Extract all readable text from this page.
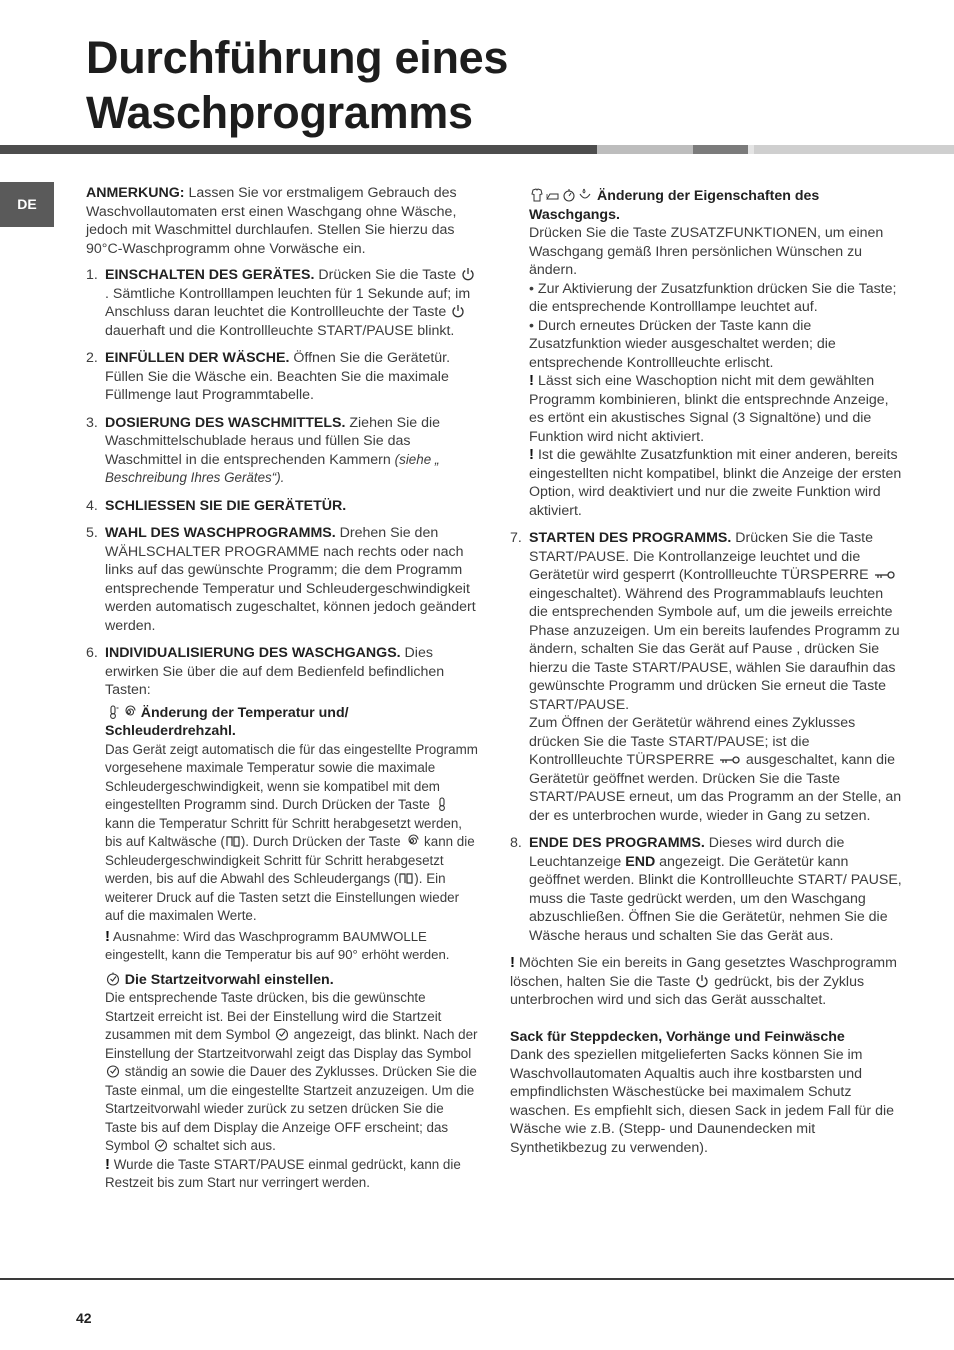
Durchführung eines
Waschprogramms
DE

ANMERKUNG: Lassen Sie vor erstmaligem Gebrauch des Waschvollautomaten erst einen Waschgang ohne Wäsche, jedoch mit Waschmittel durchlaufen. Stellen Sie hierzu das 90°C-Waschprogramm ohne Vorwäsche ein.

1. EINSCHALTEN DES GERÄTES. Drücken Sie die Taste
. Sämtliche Kontrolllampen leuchten für 1 Sekunde auf; im Anschluss daran leuchtet die Kontrollleuchte der Taste
dauerhaft und die Kontrollleuchte START/PAUSE blinkt.
2. EINFÜLLEN DER WÄSCHE. Öffnen Sie die Gerätetür. Füllen Sie die Wäsche ein. Beachten Sie die maximale Füllmenge laut Programmtabelle.
3. DOSIERUNG DES WASCHMITTELS. Ziehen Sie die Waschmittelschublade heraus und füllen Sie das Waschmittel in die entsprechenden Kammern (siehe „ Beschreibung Ihres Gerätes“).
4. SCHLIESSEN SIE DIE GERÄTETÜR.
5. WAHL DES WASCHPROGRAMMS. Drehen Sie den WÄHLSCHALTER PROGRAMME nach rechts oder nach links auf das gewünschte Programm; die dem Programm entsprechende Temperatur und Schleudergeschwindigkeit werden automatisch zugeschaltet, können jedoch geändert werden.
6. INDIVIDUALISIERUNG DES WASCHGANGS. Dies erwirken Sie über die auf dem Bedienfeld befindlichen Tasten:

Änderung der Temperatur und/ Schleuderdrehzahl.
Das Gerät zeigt automatisch die für das eingestellte Programm vorgesehene maximale Temperatur sowie die maximale Schleudergeschwindigkeit, wenn sie kompatibel mit dem eingestellten Programm sind. Durch Drücken der Taste
kann die Temperatur Schritt für Schritt herabgesetzt werden, bis auf Kaltwäsche ( ). Durch Drücken der Taste
kann die Schleudergeschwindigkeit Schritt für Schritt herabgesetzt werden, bis auf die Abwahl des Schleudergangs ( ). Ein weiterer Druck auf die Tasten setzt die Einstellungen wieder auf die maximalen Werte.

! Ausnahme: Wird das Waschprogramm BAUMWOLLE eingestellt, kann die Temperatur bis auf 90° erhöht werden.

Die Startzeitvorwahl einstellen.
Die entsprechende Taste drücken, bis die gewünschte Startzeit erreicht ist. Bei der Einstellung wird die Startzeit zusammen mit dem Symbol
angezeigt, das blinkt. Nach der Einstellung der Startzeitvorwahl zeigt das Display das Symbol
ständig an sowie die Dauer des Zyklusses. Drücken Sie die Taste einmal, um die eingestellte Startzeit anzuzeigen. Um die Startzeitvorwahl wieder zurück zu setzen drücken Sie die Taste bis auf dem Display die Anzeige OFF erscheint; das Symbol
schaltet sich aus.
! Wurde die Taste START/PAUSE einmal gedrückt, kann die Restzeit bis zum Start nur verringert werden.

Änderung der Eigenschaften des Waschgangs.

Drücken Sie die Taste ZUSATZFUNKTIONEN, um einen Waschgang gemäß Ihren persönlichen Wünschen zu ändern.

• Zur Aktivierung der Zusatzfunktion drücken Sie die Taste; die entsprechende Kontrolllampe leuchtet auf.

• Durch erneutes Drücken der Taste kann die Zusatzfunktion wieder ausgeschaltet werden; die entsprechende Kontrollleuchte erlischt.

! Lässt sich eine Waschoption nicht mit dem gewählten Programm kombinieren, blinkt die entsprechnde Anzeige, es ertönt ein akustisches Signal (3 Signaltöne) und die Funktion wird nicht aktiviert.

! Ist die gewählte Zusatzfunktion mit einer anderen, bereits eingestellten nicht kompatibel, blinkt die Anzeige der ersten Option, wird deaktiviert und nur die zweite Funktion wird aktiviert.

7. STARTEN DES PROGRAMMS. Drücken Sie die Taste START/PAUSE. Die Kontrollanzeige leuchtet und die Gerätetür wird gesperrt (Kontrollleuchte TÜRSPERRE
eingeschaltet). Während des Programmablaufs leuchten die entsprechenden Symbole auf, um die jeweils erreichte Phase anzuzeigen. Um ein bereits laufendes Programm zu ändern, schalten Sie das Gerät auf Pause , drücken Sie hierzu die Taste START/PAUSE, wählen Sie daraufhin das gewünschte Programm und drücken Sie erneut die Taste START/PAUSE.
Zum Öffnen der Gerätetür während eines Zyklusses drücken Sie die Taste START/PAUSE; ist die Kontrollleuchte TÜRSPERRE
ausgeschaltet, kann die Gerätetür geöffnet werden. Drücken Sie die Taste START/PAUSE erneut, um das Programm an der Stelle, an der es unterbrochen wurde, wieder in Gang zu setzen.
8. ENDE DES PROGRAMMS. Dieses wird durch die Leuchtanzeige END angezeigt. Die Gerätetür kann geöffnet werden. Blinkt die Kontrollleuchte START/ PAUSE, muss die Taste gedrückt werden, um den Waschgang abzuschließen. Öffnen Sie die Gerätetür, nehmen Sie die Wäsche heraus und schalten Sie das Gerät aus.

! Möchten Sie ein bereits in Gang gesetztes Waschprogramm löschen, halten Sie die Taste
gedrückt, bis der Zyklus unterbrochen wird und sich das Gerät ausschaltet.

Sack für Steppdecken, Vorhänge und Feinwäsche

Dank des speziellen mitgelieferten Sacks können Sie im Waschvollautomaten Aqualtis auch ihre kostbarsten und empfindlichsten Wäschestücke bei maximalem Schutz waschen. Es empfiehlt sich, diesen Sack in jedem Fall für die Wäsche wie z.B. (Stepp- und Daunendecken mit Synthetikbezug zu verwenden).

42
